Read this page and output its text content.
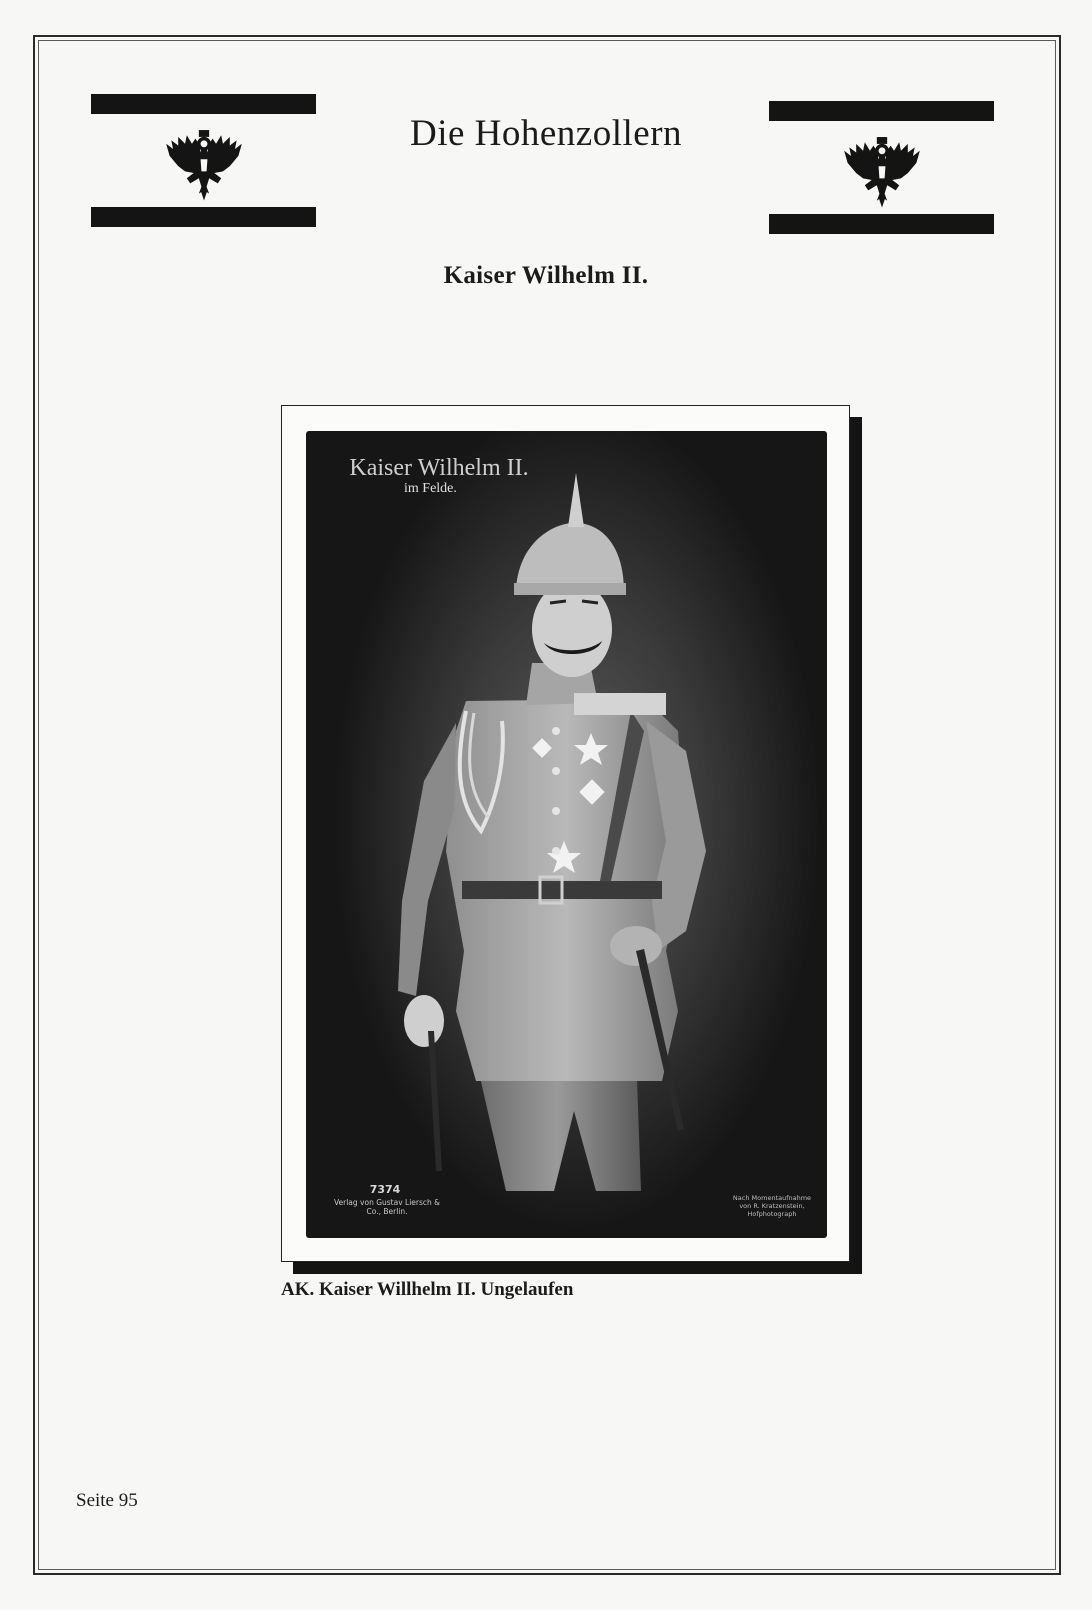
Die Hohenzollern
Kaiser Wilhelm II.
Kaiser Wilhelm II.
im Felde.
7374
Verlag von Gustav Liersch & Co., Berlin.
Nach Momentaufnahme von R. Kratzenstein, Hofphotograph

AK. Kaiser Willhelm II. Ungelaufen

Seite 95
